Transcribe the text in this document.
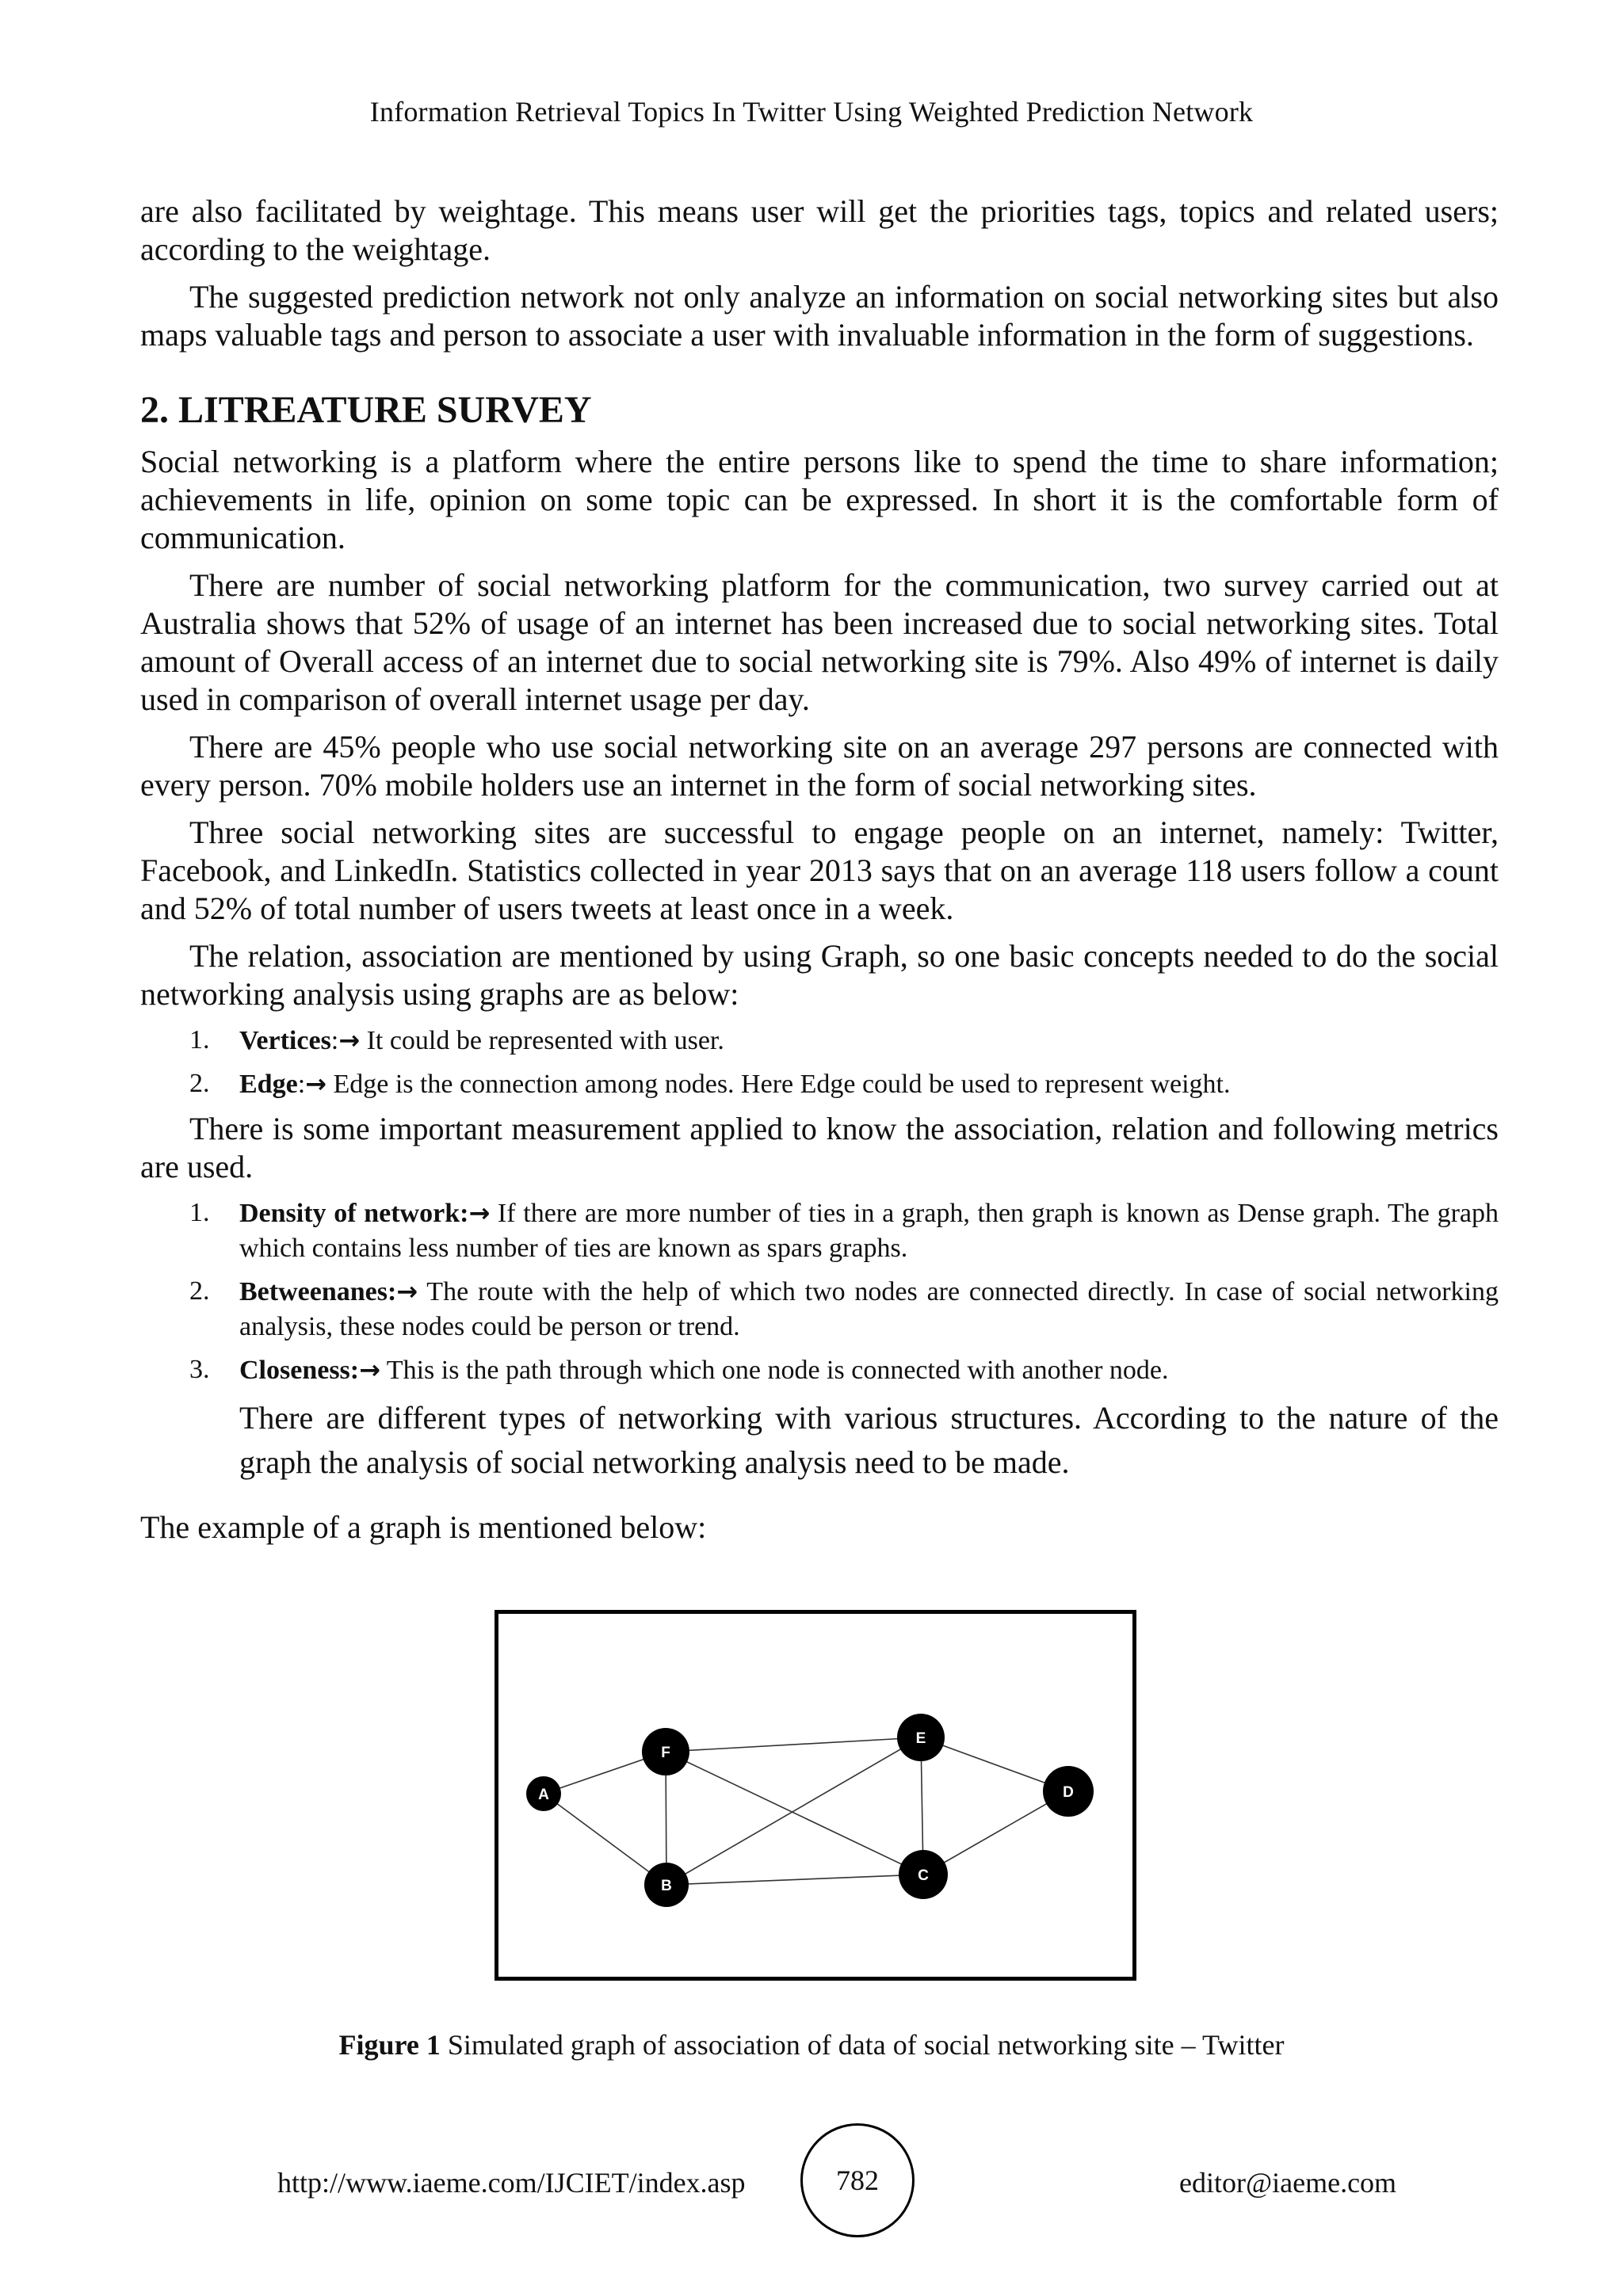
Information Retrieval Topics In Twitter Using Weighted Prediction Network

are also facilitated by weightage. This means user will get the priorities tags, topics and related users; according to the weightage.

The suggested prediction network not only analyze an information on social networking sites but also maps valuable tags and person to associate a user with invaluable information in the form of suggestions.

2. LITREATURE SURVEY

Social networking is a platform where the entire persons like to spend the time to share information; achievements in life, opinion on some topic can be expressed. In short it is the comfortable form of communication.

There are number of social networking platform for the communication, two survey carried out at Australia shows that 52% of usage of an internet has been increased due to social networking sites. Total amount of Overall access of an internet due to social networking site is 79%. Also 49% of internet is daily used in comparison of overall internet usage per day.

There are 45% people who use social networking site on an average 297 persons are connected with every person. 70% mobile holders use an internet in the form of social networking sites.

Three social networking sites are successful to engage people on an internet, namely: Twitter, Facebook, and LinkedIn. Statistics collected in year 2013 says that on an average 118 users follow a count and 52% of total number of users tweets at least once in a week.

The relation, association are mentioned by using Graph, so one basic concepts needed to do the social networking analysis using graphs are as below:

1. Vertices:→ It could be represented with user.
2. Edge:→ Edge is the connection among nodes. Here Edge could be used to represent weight.

There is some important measurement applied to know the association, relation and following metrics are used.

1. Density of network:→ If there are more number of ties in a graph, then graph is known as Dense graph. The graph which contains less number of ties are known as spars graphs.
2. Betweenanes:→ The route with the help of which two nodes are connected directly. In case of social networking analysis, these nodes could be person or trend.
3. Closeness:→ This is the path through which one node is connected with another node.
There are different types of networking with various structures. According to the nature of the graph the analysis of social networking analysis need to be made.

The example of a graph is mentioned below:

A
F
B
E
C
D
Figure 1 Simulated graph of association of data of social networking site – Twitter
http://www.iaeme.com/IJCIET/index.asp	782	editor@iaeme.com
